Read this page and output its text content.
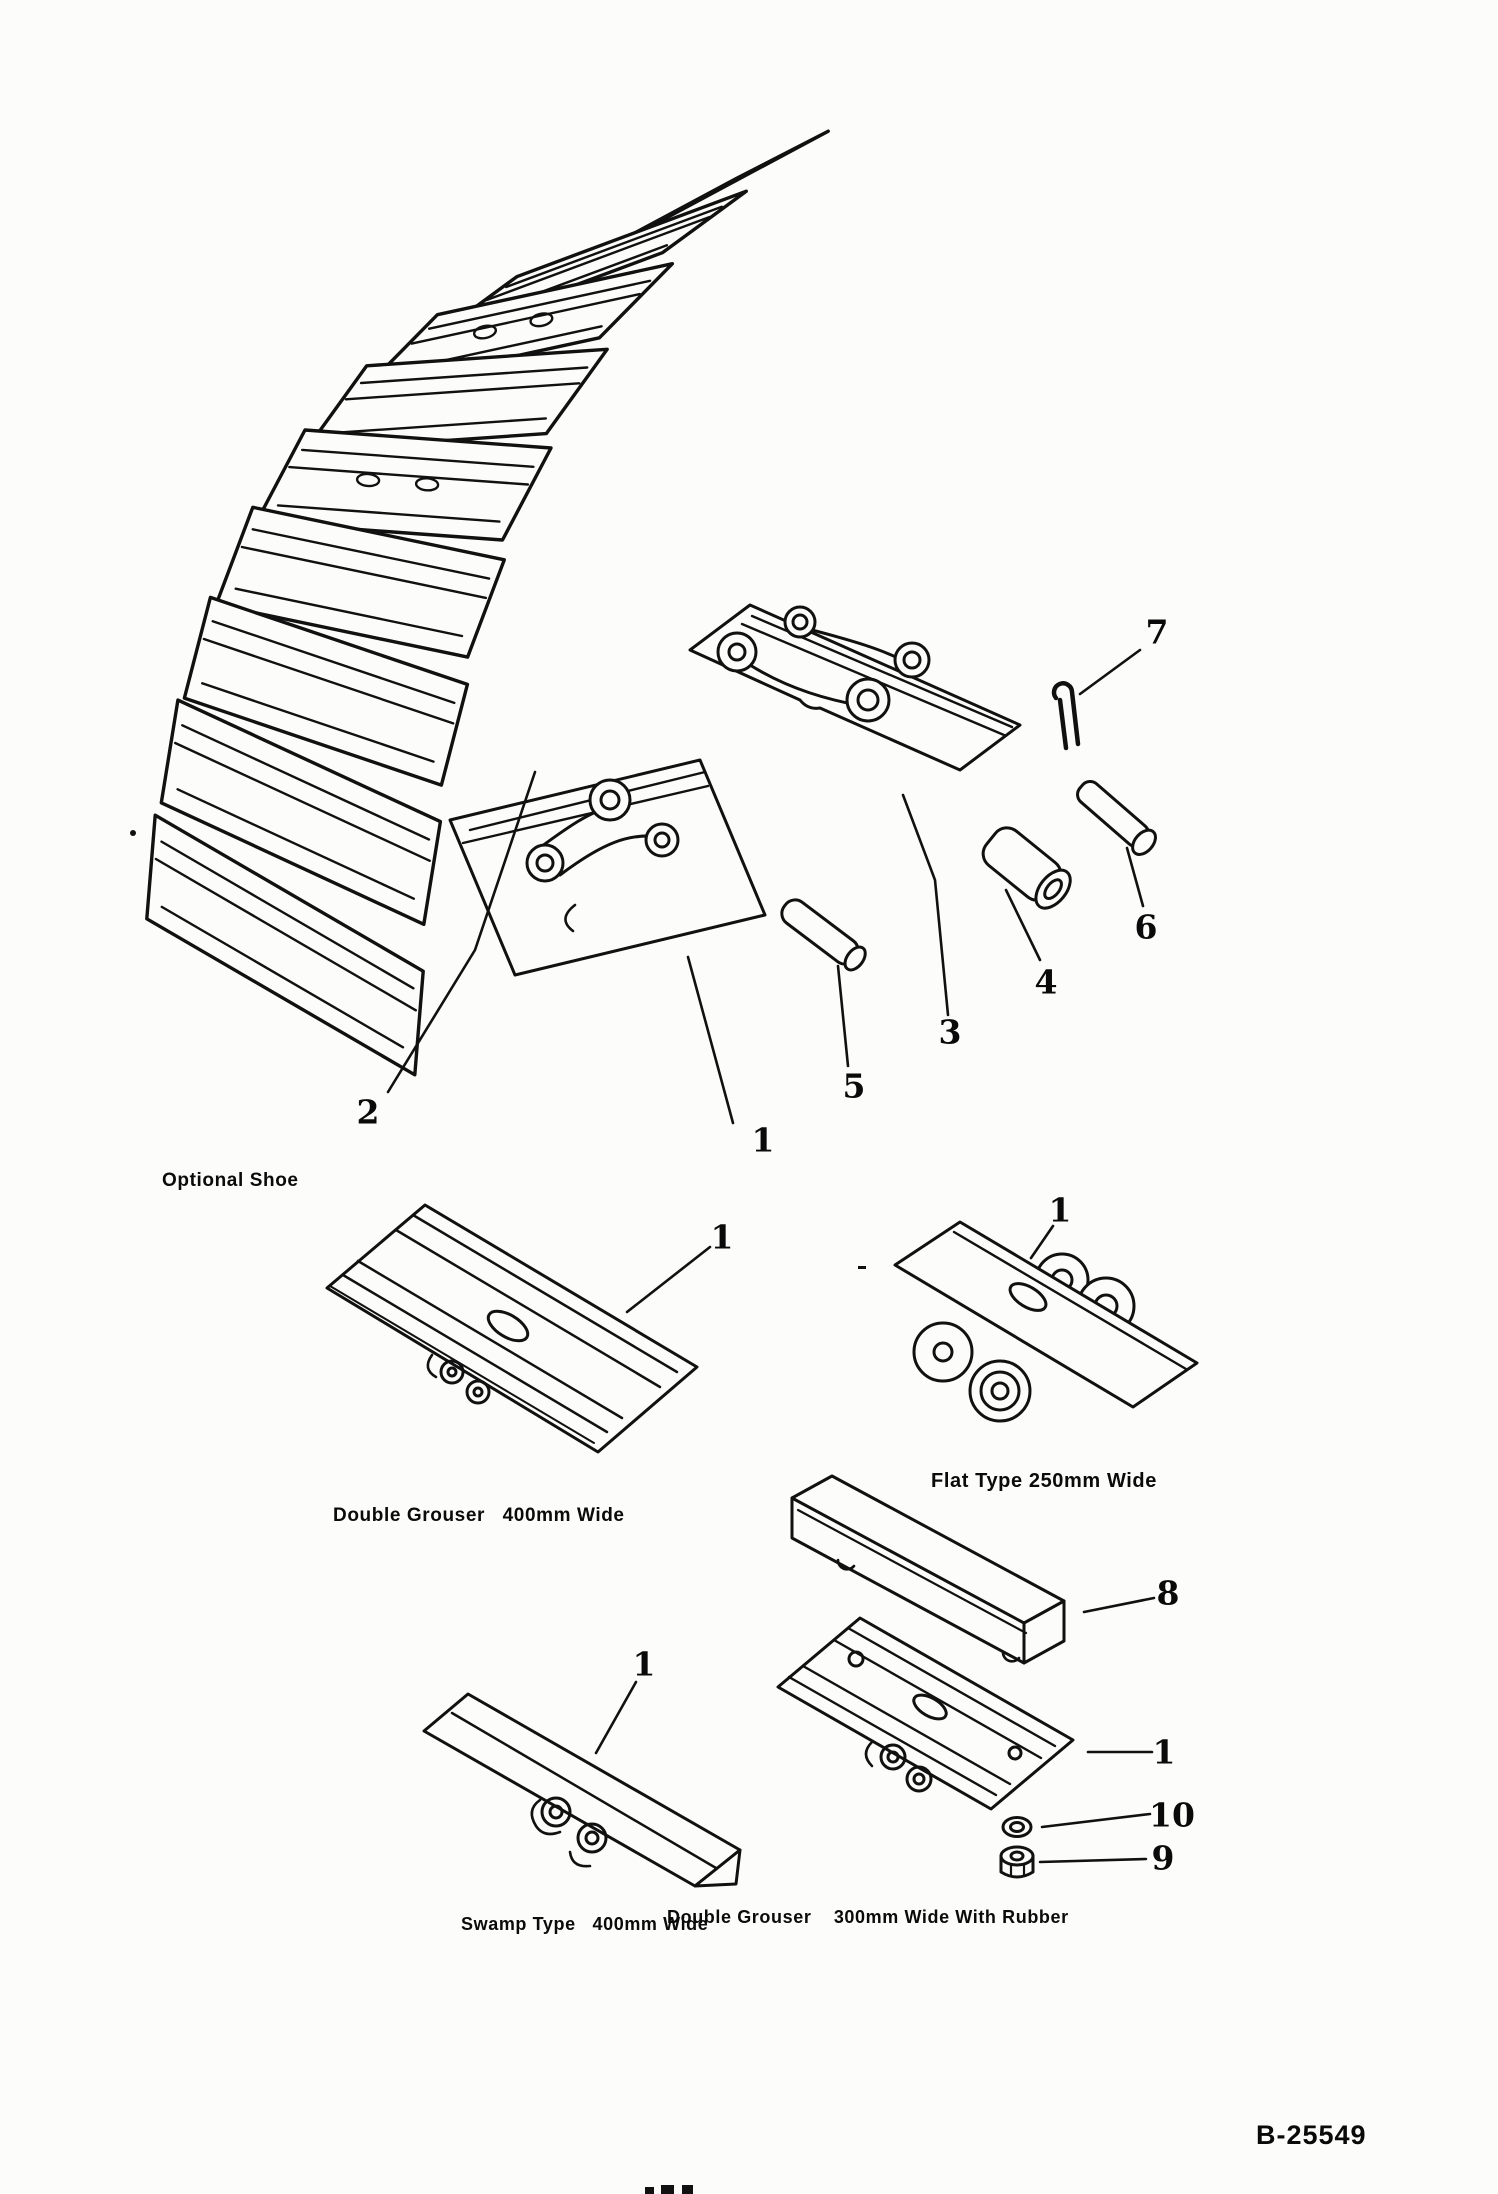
Optional Shoe
Double Grouser   400mm Wide
Flat Type 250mm Wide
Swamp Type   400mm Wide
Double Grouser    300mm Wide With Rubber
2
1
5
3
4
6
7
1
1
1
8
1
10
9
B-25549
